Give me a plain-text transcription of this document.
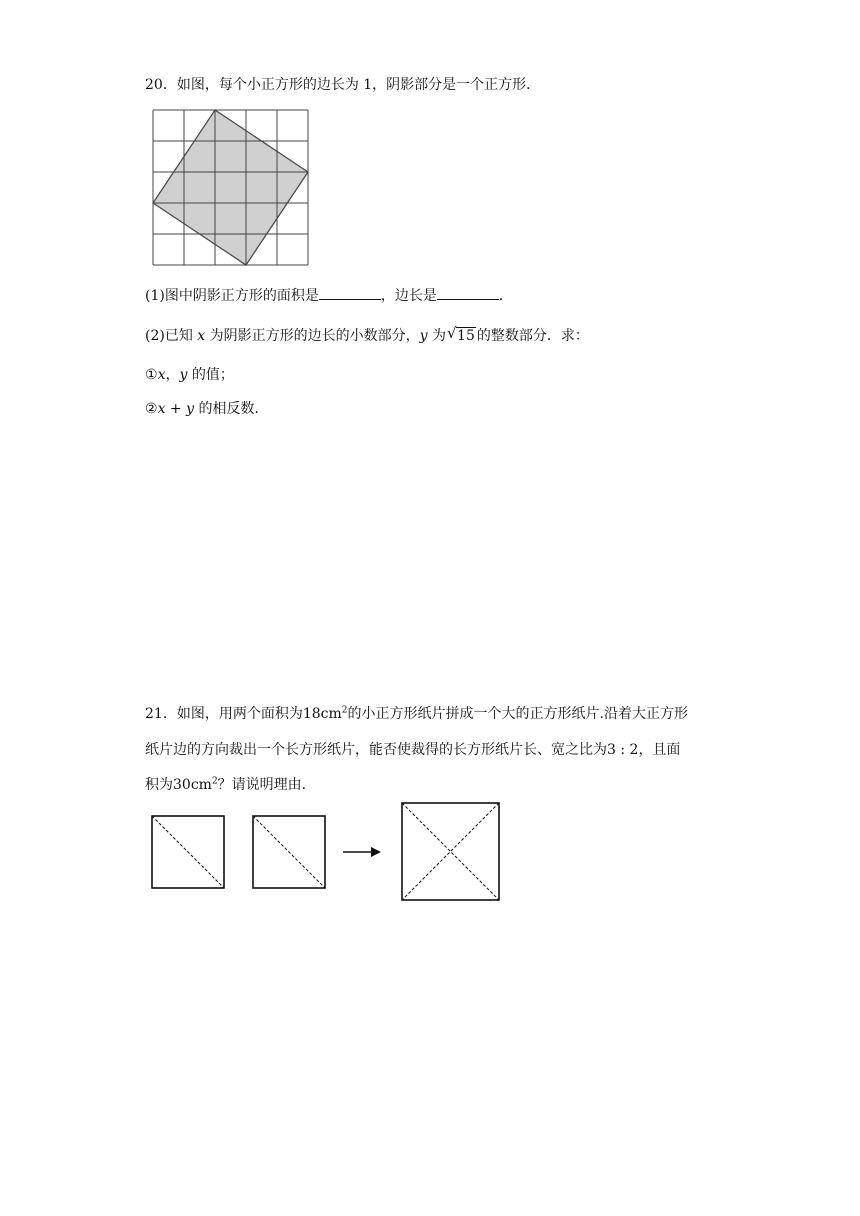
20．如图，每个小正方形的边长为 1，阴影部分是一个正方形．
(1)图中阴影正方形的面积是	，边长是	．
(2)已知 x 为阴影正方形的边长的小数部分，y 为 √ 15 的整数部分．求：
①x，y 的值；
②x + y 的相反数．
21．如图，用两个面积为$18cm^2$的小正方形纸片拼成一个大的正方形纸片.沿着大正方形
纸片边的方向裁出一个长方形纸片，能否使裁得的长方形纸片长、宽之比为3 : 2，且面
积为$30cm^2$？请说明理由.
